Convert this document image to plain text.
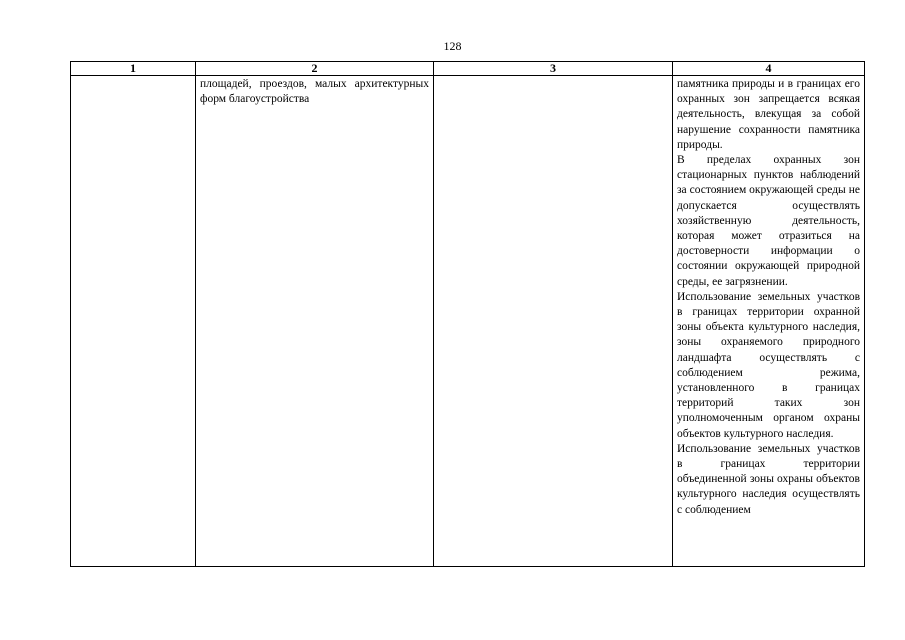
128
1	2	3	4

	площадей, проездов, малых архитектурных форм благоустройства		памятника природы и в границах его охранных зон запрещается всякая деятельность, влекущая за собой нарушение сохранности памятника природы.

В пределах охранных зон стационарных пунктов наблюдений за состоянием окружающей среды не допускается осуществлять хозяйственную деятельность, которая может отразиться на достоверности информации о состоянии окружающей природной среды, ее загрязнении.

Использование земельных участков в границах территории охранной зоны объекта культурного наследия, зоны охраняемого природного ландшафта осуществлять с соблюдением режима, установленного в границах территорий таких зон уполномоченным органом охраны объектов культурного наследия.

Использование земельных участков в границах территории объединенной зоны охраны объектов культурного наследия осуществлять с соблюдением
